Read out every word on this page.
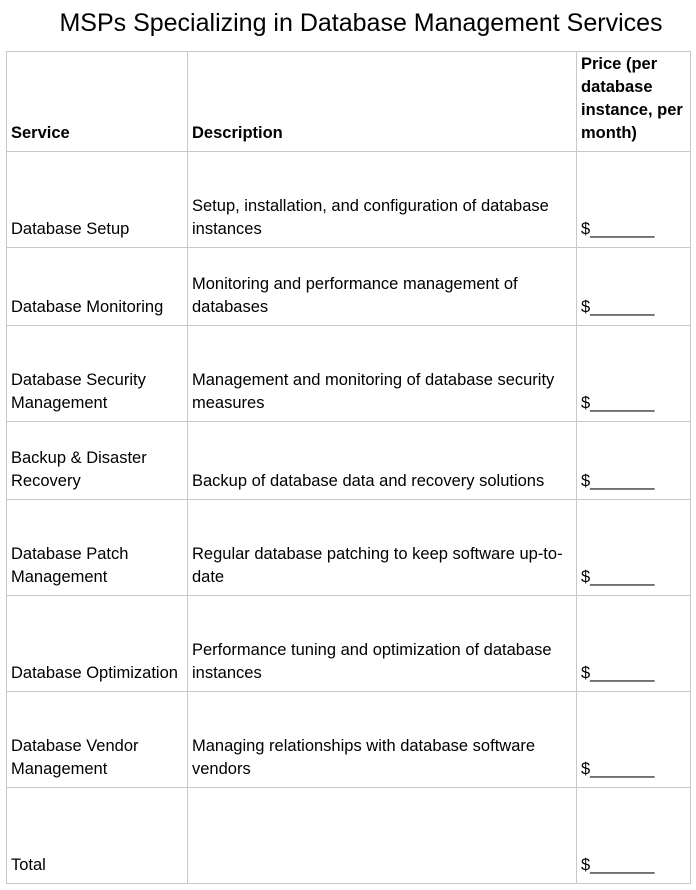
MSPs Specializing in Database Management Services
Service	Description	Price (per database instance, per month)
Database Setup	Setup, installation, and configuration of database instances	$_______
Database Monitoring	Monitoring and performance management of databases	$_______
Database Security Management	Management and monitoring of database security measures	$_______
Backup & Disaster Recovery	Backup of database data and recovery solutions	$_______
Database Patch Management	Regular database patching to keep software up-to-date	$_______
Database Optimization	Performance tuning and optimization of database instances	$_______
Database Vendor Management	Managing relationships with database software vendors	$_______
Total		$_______
